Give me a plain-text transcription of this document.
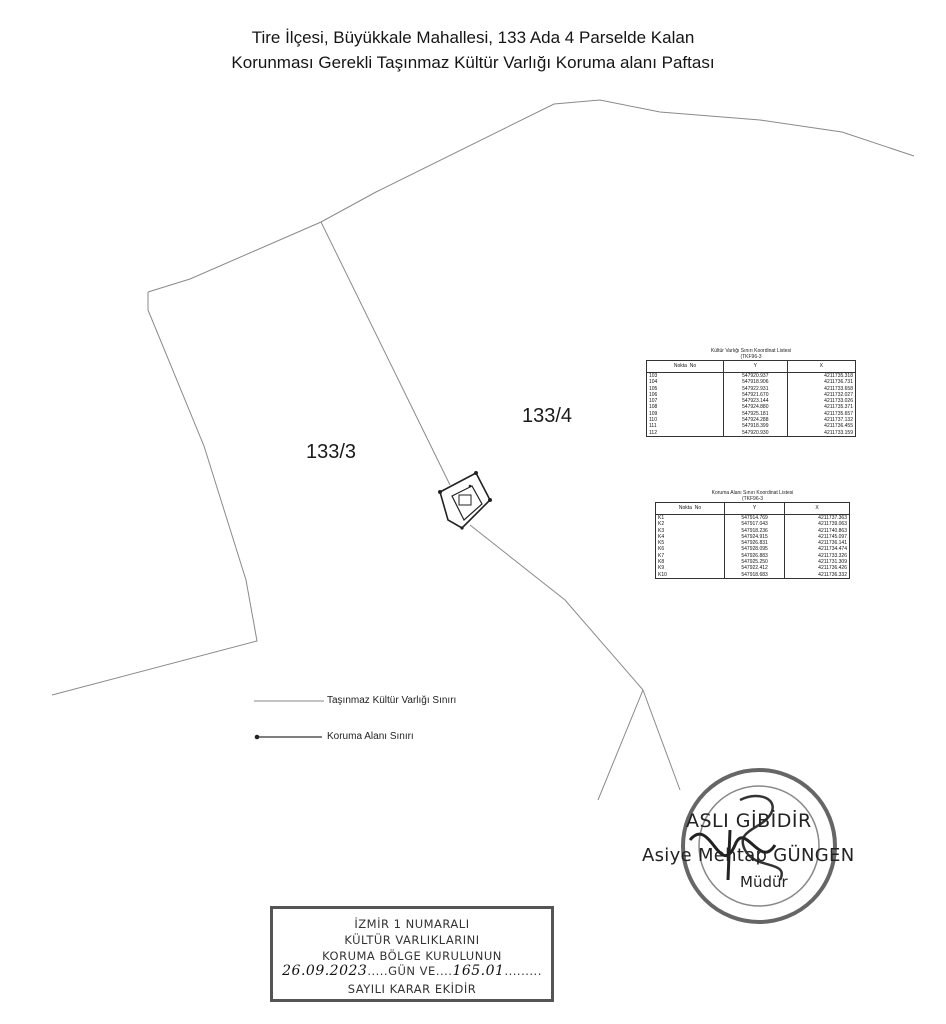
Tire İlçesi, Büyükkale Mahallesi, 133 Ada 4 Parselde Kalan
Korunması Gerekli Taşınmaz Kültür Varlığı Koruma alanı Paftası
133/3
133/4
Kültür Varlığı Sınırı Koordinat Listesi
(TKF96-3
Nokta No	Y	X
103	547920.937	4211735.318
104	547918.906	4211736.731
105	547922.931	4211733.658
106	547921.670	4211732.027
107	547923.144	4211733.026
108	547924.880	4211735.371
109	547925.181	4211735.657
110	547924.288	4211737.132
111	547918.399	4211736.455
112	547920.930	4211733.159
Koruma Alanı Sınırı Koordinat Listesi
(TKF96-3
Nokta No	Y	X
K1	547914.769	4211737.363
K2	547917.043	4211739.063
K3	547918.236	4211740.863
K4	547924.915	4211745.097
K5	547926.831	4211736.141
K6	547928.095	4211734.474
K7	547926.883	4211733.326
K8	547925.250	4211731.309
K9	547922.412	4211736.426
K10	547918.683	4211736.332
Taşınmaz Kültür Varlığı Sınırı
Koruma Alanı Sınırı
ASLI GİBİDİR
Asiye Mehtap GÜNGEN
Müdür
İZMİR 1 NUMARALI
KÜLTÜR VARLIKLARINI
KORUMA BÖLGE KURULUNUN
26.09.2023.....GÜN VE....165.01.........
SAYILI KARAR EKİDİR
